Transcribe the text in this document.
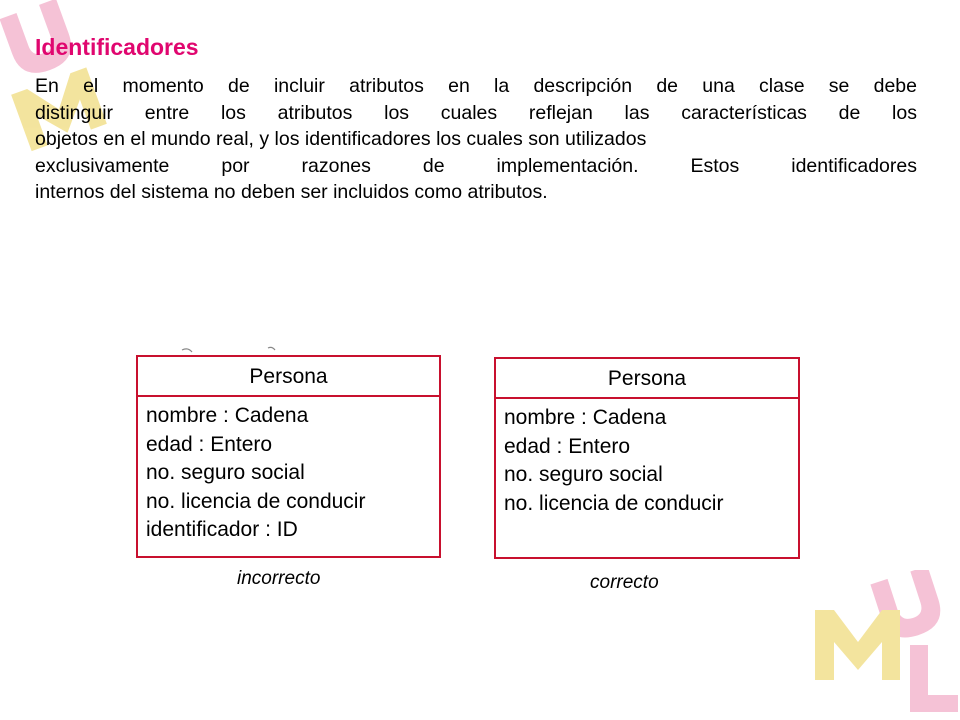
Identificadores

En el momento de incluir atributos en la descripción de una clase se debe
distinguir entre los atributos los cuales reflejan las características de los
objetos en el mundo real, y los identificadores los cuales son utilizados
exclusivamente por razones de implementación. Estos identificadores
internos del sistema no deben ser incluidos como atributos.

Persona
nombre : Cadena
edad : Entero
no. seguro social
no. licencia de conducir
identificador : ID
Persona
nombre : Cadena
edad : Entero
no. seguro social
no. licencia de conducir
incorrecto	correcto
